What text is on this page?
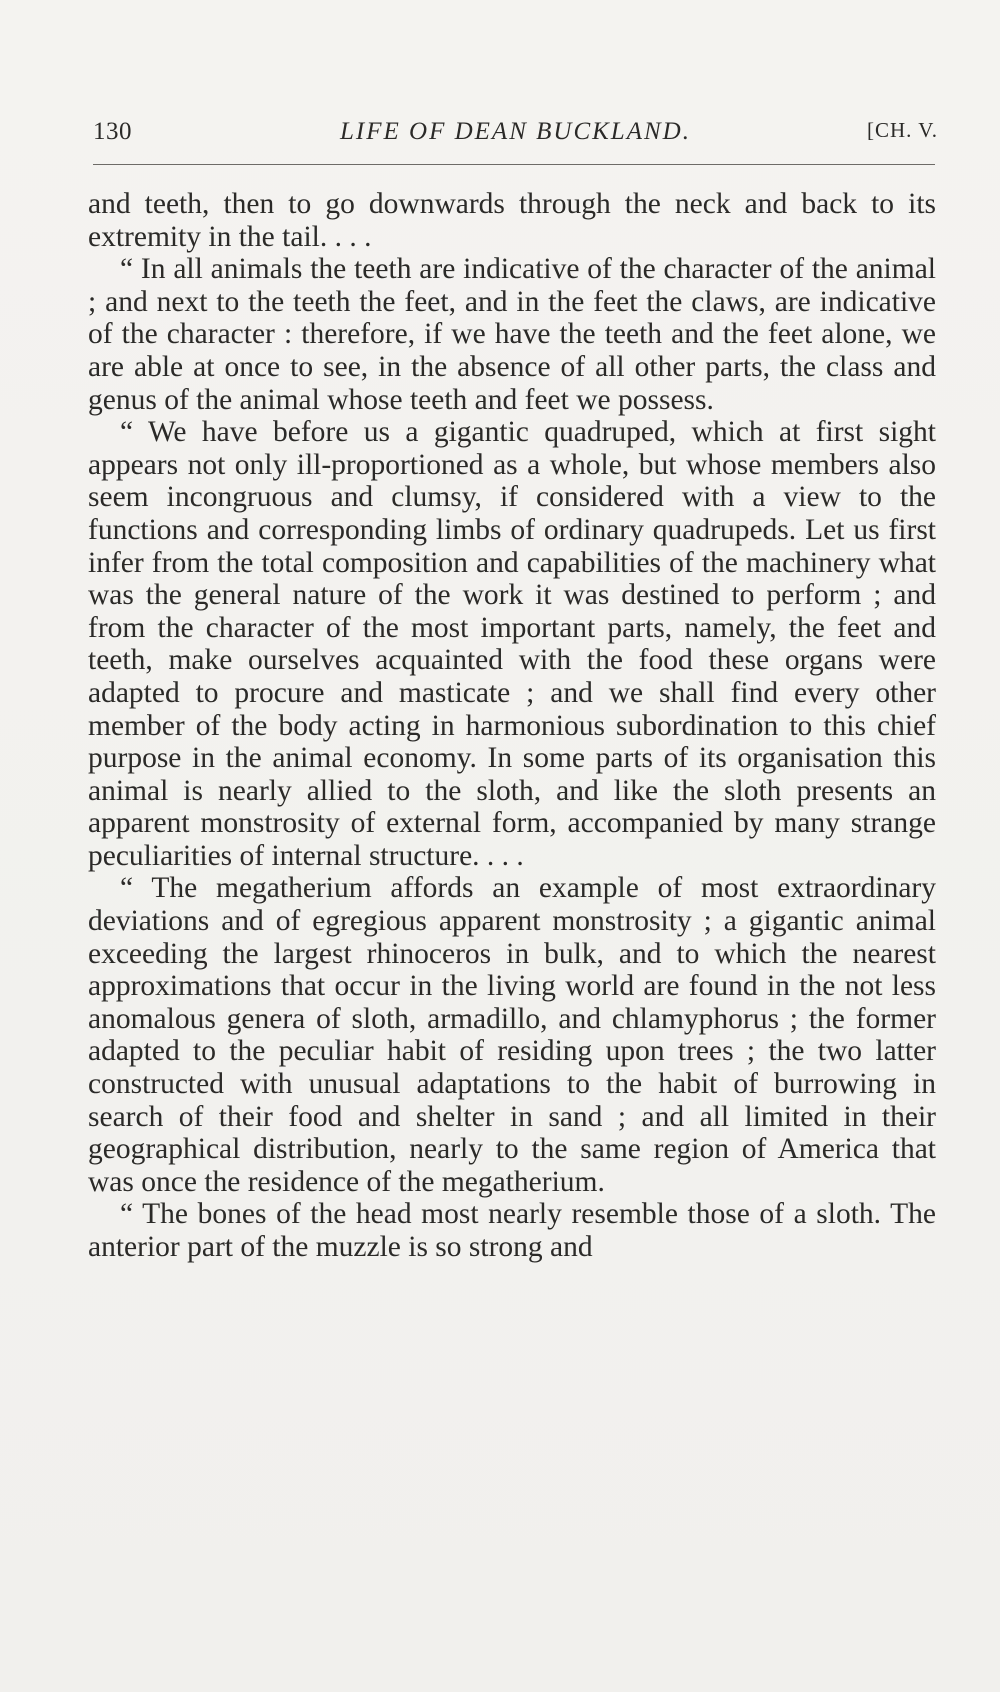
130	LIFE OF DEAN BUCKLAND.	[CH. V.

and teeth, then to go downwards through the neck and back to its extremity in the tail. . . .

“ In all animals the teeth are indicative of the character of the animal ; and next to the teeth the feet, and in the feet the claws, are indicative of the character : therefore, if we have the teeth and the feet alone, we are able at once to see, in the absence of all other parts, the class and genus of the animal whose teeth and feet we possess.

“ We have before us a gigantic quadruped, which at first sight appears not only ill-proportioned as a whole, but whose members also seem incongruous and clumsy, if considered with a view to the functions and corresponding limbs of ordinary quadrupeds. Let us first infer from the total composition and capabilities of the machinery what was the general nature of the work it was destined to perform ; and from the character of the most important parts, namely, the feet and teeth, make ourselves acquainted with the food these organs were adapted to procure and masticate ; and we shall find every other member of the body acting in harmonious subordination to this chief purpose in the animal economy. In some parts of its organisation this animal is nearly allied to the sloth, and like the sloth presents an apparent monstrosity of external form, accompanied by many strange peculiarities of internal structure. . . .

“ The megatherium affords an example of most extraordinary deviations and of egregious apparent monstrosity ; a gigantic animal exceeding the largest rhinoceros in bulk, and to which the nearest approximations that occur in the living world are found in the not less anomalous genera of sloth, armadillo, and chlamyphorus ; the former adapted to the peculiar habit of residing upon trees ; the two latter constructed with unusual adaptations to the habit of burrowing in search of their food and shelter in sand ; and all limited in their geographical distribution, nearly to the same region of America that was once the residence of the megatherium.

“ The bones of the head most nearly resemble those of a sloth. The anterior part of the muzzle is so strong and
